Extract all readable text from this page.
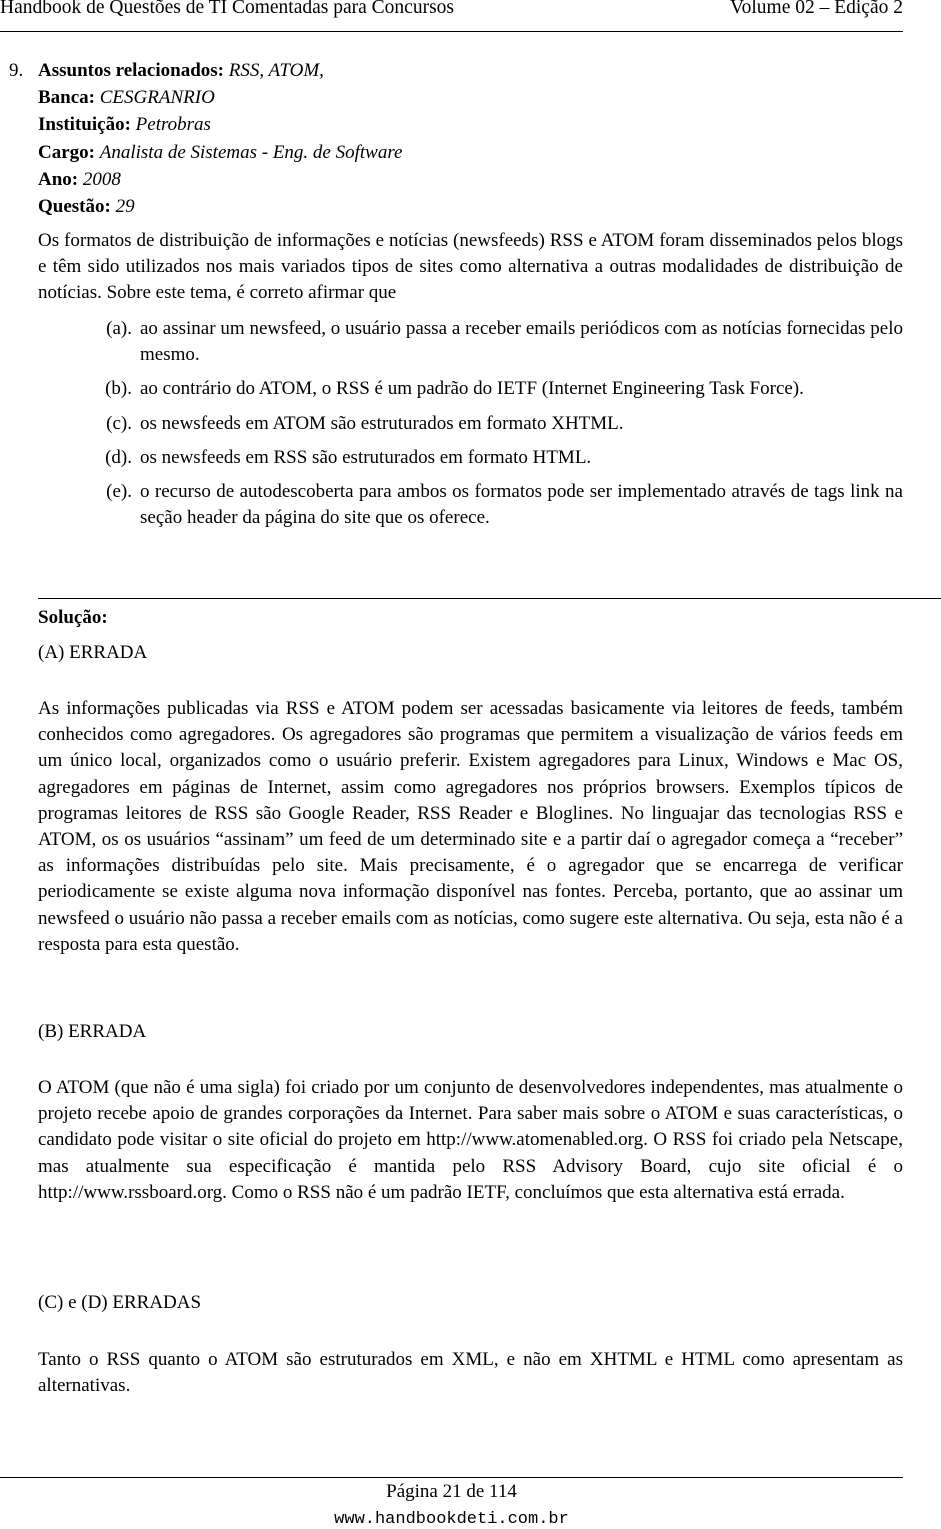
Handbook de Questões de TI Comentadas para Concursos	Volume 02 – Edição 2
9. Assuntos relacionados: RSS, ATOM,
Banca: CESGRANRIO
Instituição: Petrobras
Cargo: Analista de Sistemas - Eng. de Software
Ano: 2008
Questão: 29
Os formatos de distribuição de informações e notícias (newsfeeds) RSS e ATOM foram disseminados pelos blogs e têm sido utilizados nos mais variados tipos de sites como alternativa a outras modalidades de distribuição de notícias. Sobre este tema, é correto afirmar que
(a). ao assinar um newsfeed, o usuário passa a receber emails periódicos com as notícias fornecidas pelo mesmo.
(b). ao contrário do ATOM, o RSS é um padrão do IETF (Internet Engineering Task Force).
(c). os newsfeeds em ATOM são estruturados em formato XHTML.
(d). os newsfeeds em RSS são estruturados em formato HTML.
(e). o recurso de autodescoberta para ambos os formatos pode ser implementado através de tags link na seção header da página do site que os oferece.
Solução:
(A) ERRADA
As informações publicadas via RSS e ATOM podem ser acessadas basicamente via leitores de feeds, também conhecidos como agregadores. Os agregadores são programas que permitem a visualização de vários feeds em um único local, organizados como o usuário preferir. Existem agregadores para Linux, Windows e Mac OS, agregadores em páginas de Internet, assim como agregadores nos próprios browsers. Exemplos típicos de programas leitores de RSS são Google Reader, RSS Reader e Bloglines. No linguajar das tecnologias RSS e ATOM, os os usuários “assinam” um feed de um determinado site e a partir daí o agregador começa a “receber” as informações distribuídas pelo site. Mais precisamente, é o agregador que se encarrega de verificar periodicamente se existe alguma nova informação disponível nas fontes. Perceba, portanto, que ao assinar um newsfeed o usuário não passa a receber emails com as notícias, como sugere este alternativa. Ou seja, esta não é a resposta para esta questão.
(B) ERRADA
O ATOM (que não é uma sigla) foi criado por um conjunto de desenvolvedores independentes, mas atualmente o projeto recebe apoio de grandes corporações da Internet. Para saber mais sobre o ATOM e suas características, o candidato pode visitar o site oficial do projeto em http://www.atomenabled.org. O RSS foi criado pela Netscape, mas atualmente sua especificação é mantida pelo RSS Advisory Board, cujo site oficial é o http://www.rssboard.org. Como o RSS não é um padrão IETF, concluímos que esta alternativa está errada.
(C) e (D) ERRADAS
Tanto o RSS quanto o ATOM são estruturados em XML, e não em XHTML e HTML como apresentam as alternativas.
Página 21 de 114
www.handbookdeti.com.br
